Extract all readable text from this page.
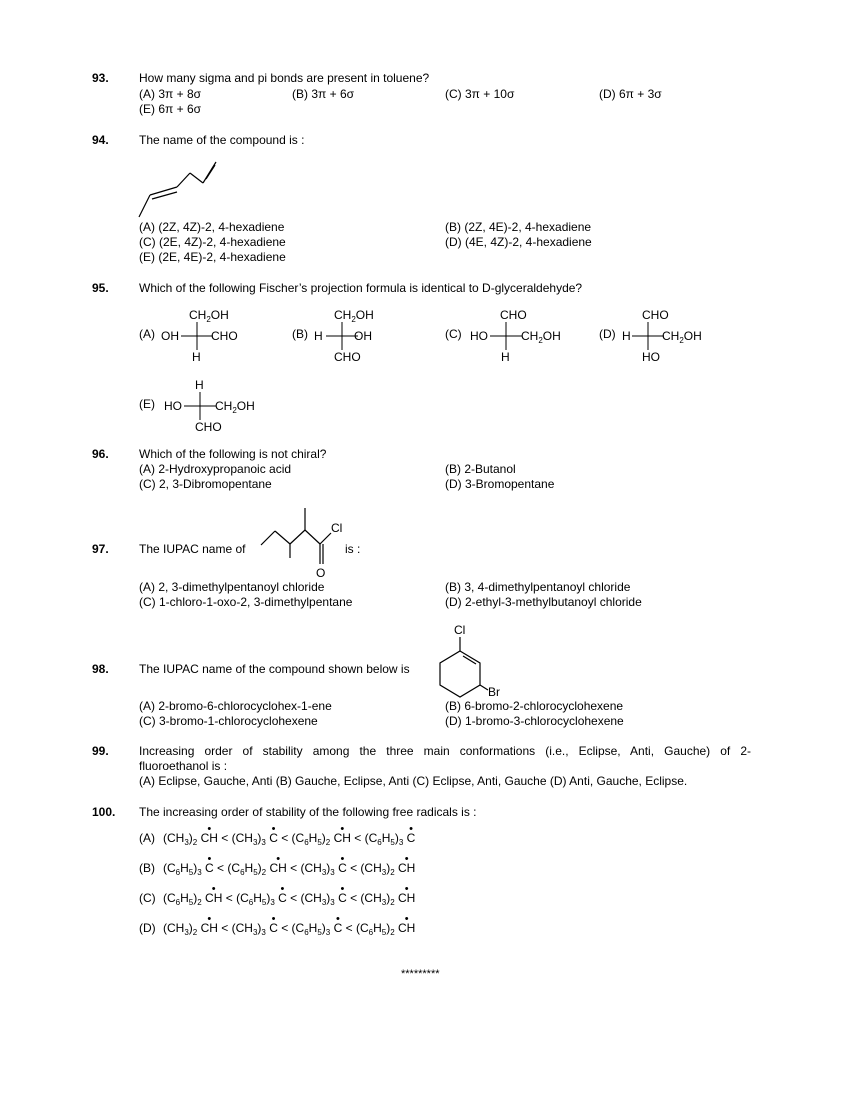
93.	How many sigma and pi bonds are present in toluene?
(A) 3π + 8σ	(B) 3π + 6σ	(C) 3π + 10σ	(D) 6π + 3σ
(E) 6π + 6σ
94.	The name of the compound is :
(A) (2Z, 4Z)-2, 4-hexadiene	(B) (2Z, 4E)-2, 4-hexadiene
(C) (2E, 4Z)-2, 4-hexadiene	(D) (4E, 4Z)-2, 4-hexadiene
(E) (2E, 4E)-2, 4-hexadiene
95.	Which of the following Fischer’s projection formula is identical to D-glyceraldehyde?
(A)
$CH_2OH$
OH	CHO
H
(B)
$CH_2OH$
H	OH
CHO
(C)
CHO
HO	$CH_2OH$
H
(D)
CHO
H	$CH_2OH$
HO
(E)
H
HO	$CH_2OH$
CHO
96.	Which of the following is not chiral?
(A) 2-Hydroxypropanoic acid	(B) 2-Butanol
(C) 2, 3-Dibromopentane	(D) 3-Bromopentane
97.	The IUPAC name of
Cl
O
is :
(A) 2, 3-dimethylpentanoyl chloride	(B) 3, 4-dimethylpentanoyl chloride
(C) 1-chloro-1-oxo-2, 3-dimethylpentane	(D) 2-ethyl-3-methylbutanoyl chloride
98.	The IUPAC name of the compound shown below is
Cl
Br
(A) 2-bromo-6-chlorocyclohex-1-ene	(B) 6-bromo-2-chlorocyclohexene
(C) 3-bromo-1-chlorocyclohexene	(D) 1-bromo-3-chlorocyclohexene
99.	Increasing order of stability among the three main conformations (i.e., Eclipse, Anti, Gauche) of 2-
fluoroethanol is :
(A) Eclipse, Gauche, Anti (B) Gauche, Eclipse, Anti (C) Eclipse, Anti, Gauche (D) Anti, Gauche, Eclipse.
100. The increasing order of stability of the following free radicals is :
(A) $(CH_3)_2$ • CH < $(CH_3)_3$ • $C < (C_6H_5)_2$ • CH < $(C_6H_5)_3$ • C
(B) $(C_6H_5)_3$ • $C < (C_6H_5)_2$ • CH < $(CH_3)_3$ • $C < (CH_3)_2$ • CH
(C) $(C_6H_5)_2$ • CH < $(C_6H_5)_3$ • $C < (CH_3)_3$ • $C < (CH_3)_2$ • CH
(D) $(CH_3)_2$ • CH < $(CH_3)_3$ • $C < (C_6H_5)_3$ • $C < (C_6H_5)_2$ • CH
*********
